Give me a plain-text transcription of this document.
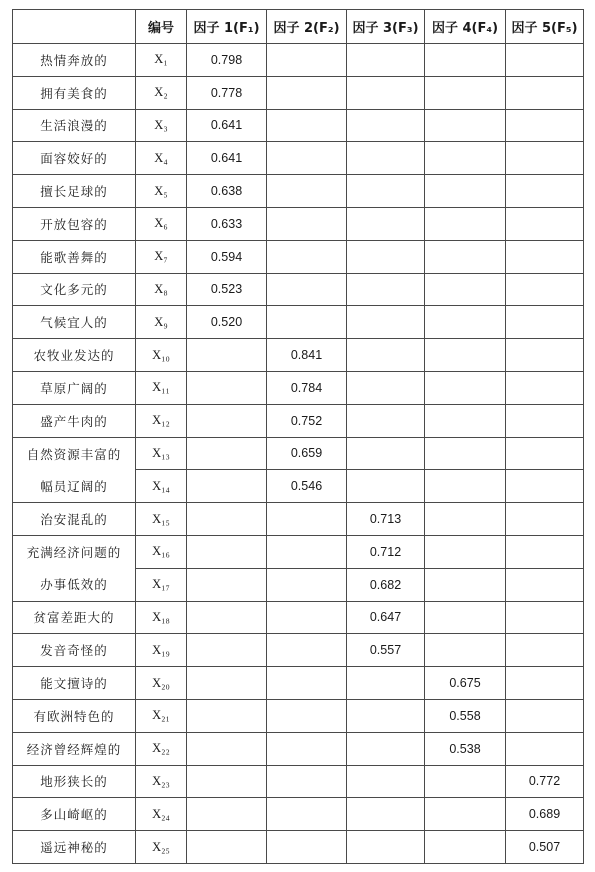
	编号	因子 1(F₁)	因子 2(F₂)	因子 3(F₃)	因子 4(F₄)	因子 5(F₅)
热情奔放的	X₁	0.798				
拥有美食的	X₂	0.778				
生活浪漫的	X₃	0.641				
面容姣好的	X₄	0.641				
擅长足球的	X₅	0.638				
开放包容的	X₆	0.633				
能歌善舞的	X₇	0.594				
文化多元的	X₈	0.523				
气候宜人的	X₉	0.520				
农牧业发达的	X₁₀		0.841			
草原广阔的	X₁₁		0.784			
盛产牛肉的	X₁₂		0.752			
自然资源丰富的	X₁₃		0.659			
幅员辽阔的	X₁₄		0.546			
治安混乱的	X₁₅			0.713		
充满经济问题的	X₁₆			0.712		
办事低效的	X₁₇			0.682		
贫富差距大的	X₁₈			0.647		
发音奇怪的	X₁₉			0.557		
能文擅诗的	X₂₀				0.675	
有欧洲特色的	X₂₁				0.558	
经济曾经辉煌的	X₂₂				0.538	
地形狭长的	X₂₃					0.772
多山崎岖的	X₂₄					0.689
遥远神秘的	X₂₅					0.507
